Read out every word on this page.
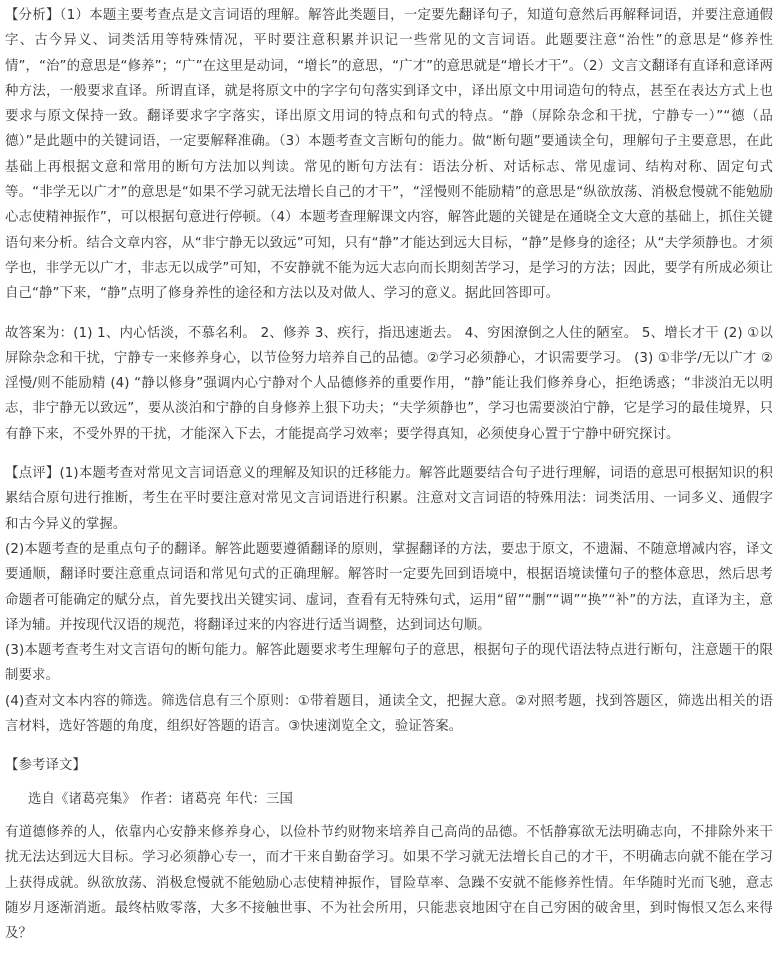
【分析】（1）本题主要考查点是文言词语的理解。解答此类题目，一定要先翻译句子，知道句意然后再解释词语，并要注意通假字、古今异义、词类活用等特殊情况，平时要注意积累并识记一些常见的文言词语。此题要注意“治性”的意思是“修养性情”，“治”的意思是“修养”；“广”在这里是动词，“增长”的意思，“广才”的意思就是“增长才干”。（2）文言文翻译有直译和意译两种方法，一般要求直译。所谓直译，就是将原文中的字字句句落实到译文中，译出原文中用词造句的特点，甚至在表达方式上也要求与原文保持一致。翻译要求字字落实，译出原文用词的特点和句式的特点。“静（屏除杂念和干扰，宁静专一）”“德（品德）”是此题中的关键词语，一定要解释准确。（3）本题考查文言断句的能力。做“断句题”要通读全句，理解句子主要意思，在此基础上再根据文意和常用的断句方法加以判读。常见的断句方法有：语法分析、对话标志、常见虚词、结构对称、固定句式等。“非学无以广才”的意思是“如果不学习就无法增长自己的才干”，“淫慢则不能励精”的意思是“纵欲放荡、消极怠慢就不能勉励心志使精神振作”，可以根据句意进行停顿。（4）本题考查理解课文内容，解答此题的关键是在通晓全文大意的基础上，抓住关键语句来分析。结合文章内容，从“非宁静无以致远”可知，只有“静”才能达到远大目标，“静”是修身的途径；从“夫学须静也。才须学也，非学无以广才，非志无以成学”可知，不安静就不能为远大志向而长期刻苦学习，是学习的方法；因此，要学有所成必须让自己“静”下来，“静”点明了修身养性的途径和方法以及对做人、学习的意义。据此回答即可。

故答案为：(1) 1、内心恬淡，不慕名利。 2、修养 3、疾行，指迅速逝去。 4、穷困潦倒之人住的陋室。 5、增长才干 (2) ①以屏除杂念和干扰，宁静专一来修养身心，以节俭努力培养自己的品德。②学习必须静心，才识需要学习。 (3) ①非学/无以广才 ②淫慢/则不能励精 (4) “静以修身”强调内心宁静对个人品德修养的重要作用，“静”能让我们修养身心，拒绝诱惑；“非淡泊无以明志，非宁静无以致远”，要从淡泊和宁静的自身修养上狠下功夫；“夫学须静也”，学习也需要淡泊宁静，它是学习的最佳境界，只有静下来，不受外界的干扰，才能深入下去，才能提高学习效率；要学得真知，必须使身心置于宁静中研究探讨。

【点评】(1)本题考查对常见文言词语意义的理解及知识的迁移能力。解答此题要结合句子进行理解，词语的意思可根据知识的积累结合原句进行推断，考生在平时要注意对常见文言词语进行积累。注意对文言词语的特殊用法：词类活用、一词多义、通假字和古今异义的掌握。

(2)本题考查的是重点句子的翻译。解答此题要遵循翻译的原则，掌握翻译的方法，要忠于原文，不遗漏、不随意增减内容，译文要通顺，翻译时要注意重点词语和常见句式的正确理解。解答时一定要先回到语境中，根据语境读懂句子的整体意思，然后思考命题者可能确定的赋分点，首先要找出关键实词、虚词，查看有无特殊句式，运用“留”“删”“调”“换”“补”的方法，直译为主，意译为辅。并按现代汉语的规范，将翻译过来的内容进行适当调整，达到词达句顺。

(3)本题考查考生对文言语句的断句能力。解答此题要求考生理解句子的意思，根据句子的现代语法特点进行断句，注意题干的限制要求。

(4)查对文本内容的筛选。筛选信息有三个原则：①带着题目，通读全文，把握大意。②对照考题，找到答题区，筛选出相关的语言材料，选好答题的角度，组织好答题的语言。③快速浏览全文，验证答案。

【参考译文】

选自《诸葛亮集》 作者：诸葛亮 年代：三国

有道德修养的人，依靠内心安静来修养身心，以俭朴节约财物来培养自己高尚的品德。不恬静寡欲无法明确志向，不排除外来干扰无法达到远大目标。学习必须静心专一，而才干来自勤奋学习。如果不学习就无法增长自己的才干，不明确志向就不能在学习上获得成就。纵欲放荡、消极怠慢就不能勉励心志使精神振作，冒险草率、急躁不安就不能修养性情。年华随时光而飞驰，意志随岁月逐渐消逝。最终枯败零落，大多不接触世事、不为社会所用，只能悲哀地困守在自己穷困的破舍里，到时悔恨又怎么来得及？
